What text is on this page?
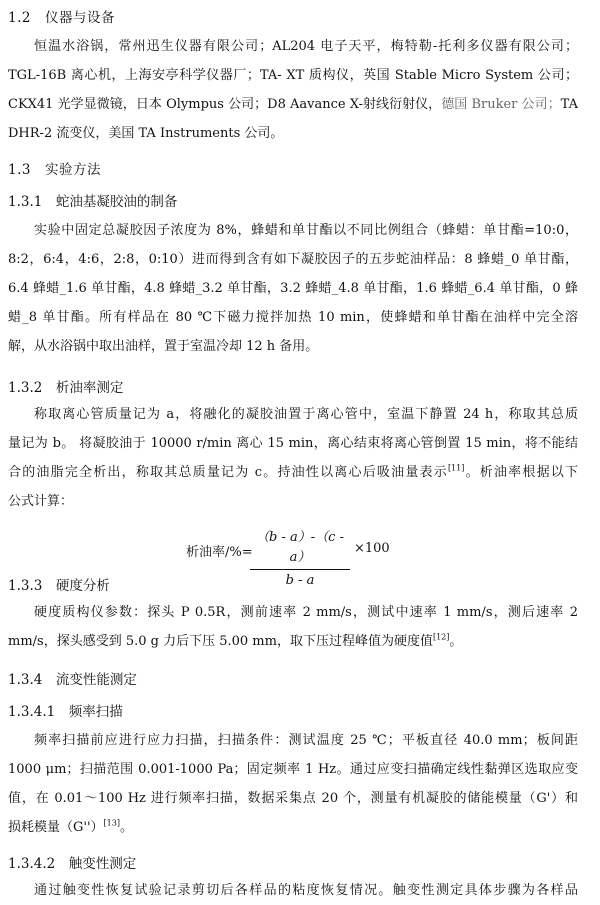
1.2　仪器与设备
恒温水浴锅，常州迅生仪器有限公司；AL204 电子天平，梅特勒-托利多仪器有限公司；
TGL-16B 离心机，上海安亭科学仪器厂；TA- XT 质构仪，英国 Stable Micro System 公司；
CKX41 光学显微镜，日本 Olympus 公司；D8 Aavance X-射线衍射仪，德国 Bruker 公司；TA
DHR-2 流变仪，美国 TA Instruments 公司。
1.3　实验方法
1.3.1　蛇油基凝胶油的制备
实验中固定总凝胶因子浓度为 8%，蜂蜡和单甘酯以不同比例组合（蜂蜡：单甘酯=10:0，
8:2，6:4，4:6，2:8，0:10）进而得到含有如下凝胶因子的五步蛇油样品：8 蜂蜡_0 单甘酯，
6.4 蜂蜡_1.6 单甘酯，4.8 蜂蜡_3.2 单甘酯，3.2 蜂蜡_4.8 单甘酯，1.6 蜂蜡_6.4 单甘酯，0 蜂
蜡_8 单甘酯。所有样品在 80 ℃下磁力搅拌加热 10 min，使蜂蜡和单甘酯在油样中完全溶
解，从水浴锅中取出油样，置于室温冷却 12 h 备用。
1.3.2　析油率测定
称取离心管质量记为 a，将融化的凝胶油置于离心管中，室温下静置 24 h，称取其总质
量记为 b。 将凝胶油于 10000 r/min 离心 15 min，离心结束将离心管倒置 15 min，将不能结
合的油脂完全析出，称取其总质量记为 c。持油性以离心后吸油量表示[11]。析油率根据以下
公式计算：
析油率/%=
（b - a）-（c - a）
b - a
×100
1.3.3　硬度分析
硬度质构仪参数：探头 P 0.5R，测前速率 2 mm/s，测试中速率 1 mm/s，测后速率 2
mm/s，探头感受到 5.0 g 力后下压 5.00 mm，取下压过程峰值为硬度值[12]。
1.3.4　流变性能测定
1.3.4.1　频率扫描
频率扫描前应进行应力扫描，扫描条件：测试温度 25 ℃；平板直径 40.0 mm；板间距
1000 μm；扫描范围 0.001-1000 Pa；固定频率 1 Hz。通过应变扫描确定线性黏弹区选取应变
值，在 0.01～100 Hz 进行频率扫描，数据采集点 20 个，测量有机凝胶的储能模量（G'）和
损耗模量（G''）[13]。
1.3.4.2　触变性测定
通过触变性恢复试验记录剪切后各样品的粘度恢复情况。触变性测定具体步骤为各样品
